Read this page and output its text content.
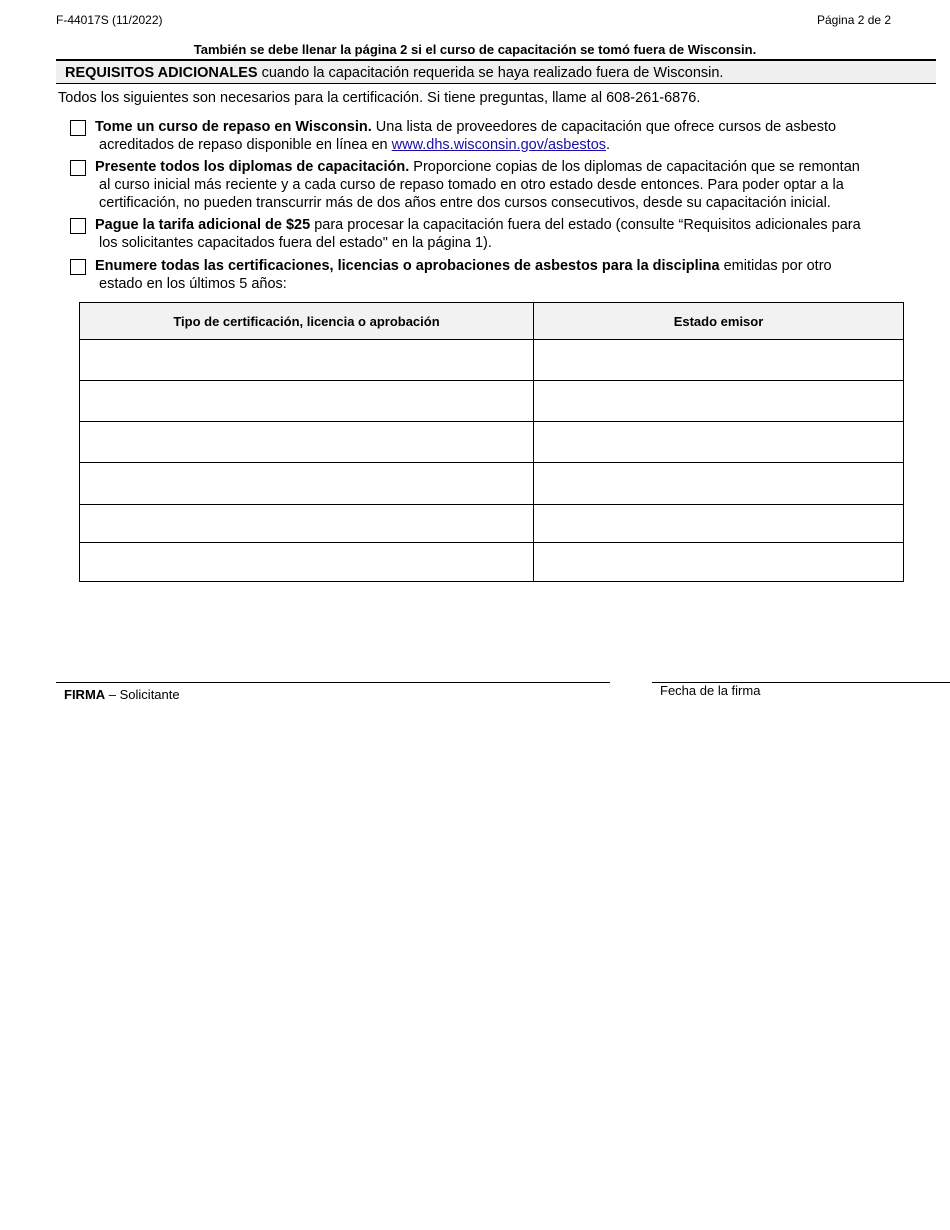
F-44017S (11/2022)	Página 2 de 2
También se debe llenar la página 2 si el curso de capacitación se tomó fuera de Wisconsin.
REQUISITOS ADICIONALES cuando la capacitación requerida se haya realizado fuera de Wisconsin.
Todos los siguientes son necesarios para la certificación. Si tiene preguntas, llame al 608-261-6876.
Tome un curso de repaso en Wisconsin. Una lista de proveedores de capacitación que ofrece cursos de asbesto
acreditados de repaso disponible en línea en www.dhs.wisconsin.gov/asbestos.
Presente todos los diplomas de capacitación. Proporcione copias de los diplomas de capacitación que se remontan
al curso inicial más reciente y a cada curso de repaso tomado en otro estado desde entonces. Para poder optar a la
certificación, no pueden transcurrir más de dos años entre dos cursos consecutivos, desde su capacitación inicial.
Pague la tarifa adicional de $25 para procesar la capacitación fuera del estado (consulte “Requisitos adicionales para
los solicitantes capacitados fuera del estado" en la página 1).
Enumere todas las certificaciones, licencias o aprobaciones de asbestos para la disciplina emitidas por otro
estado en los últimos 5 años:
Tipo de certificación, licencia o aprobación	Estado emisor

FIRMA – Solicitante	Fecha de la firma
